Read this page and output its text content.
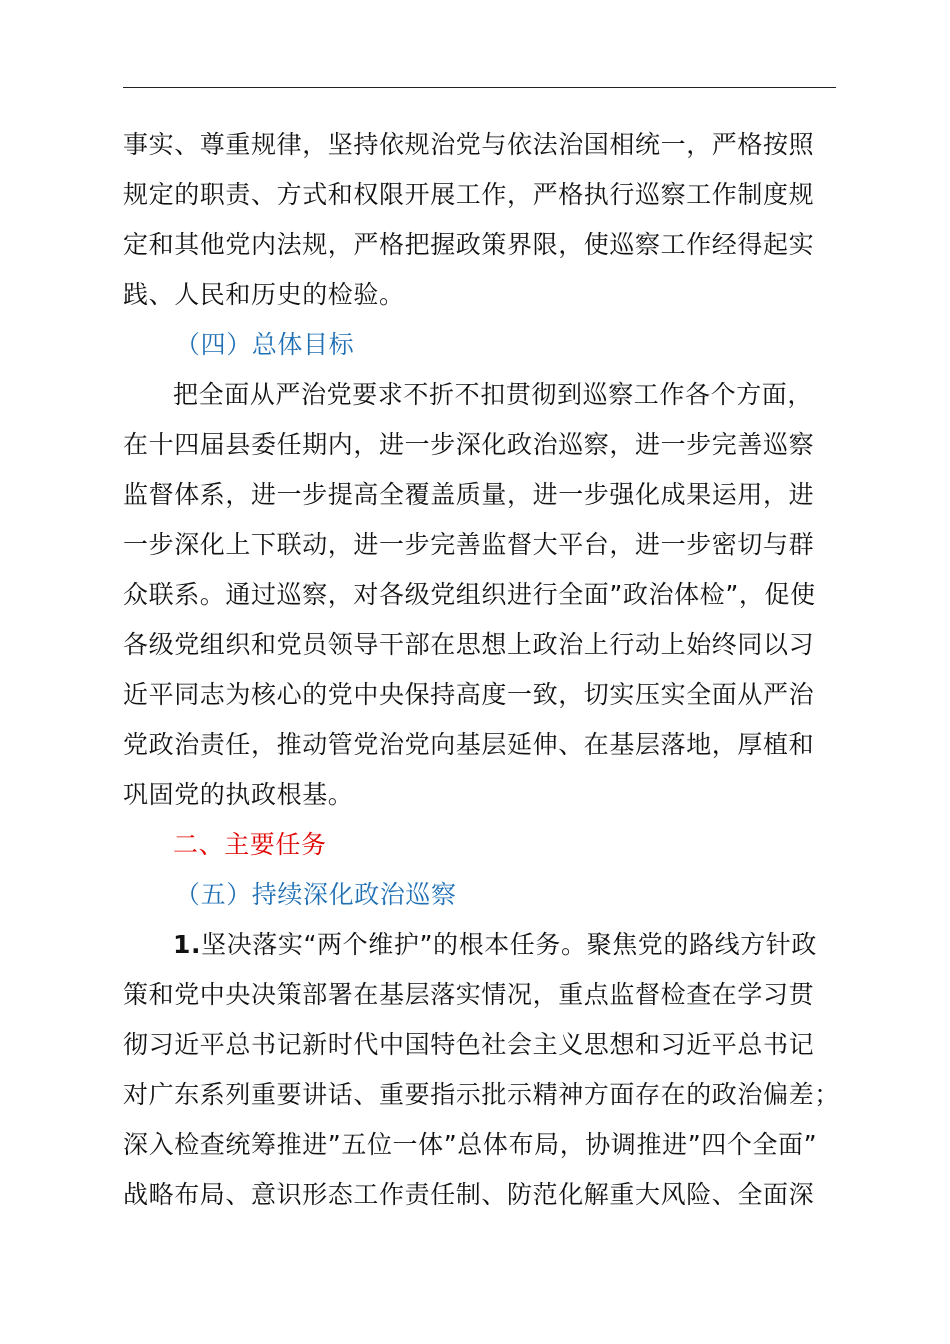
事实、尊重规律，坚持依规治党与依法治国相统一，严格按照
规定的职责、方式和权限开展工作，严格执行巡察工作制度规
定和其他党内法规，严格把握政策界限，使巡察工作经得起实
践、人民和历史的检验。
（四）总体目标
把全面从严治党要求不折不扣贯彻到巡察工作各个方面，
在十四届县委任期内，进一步深化政治巡察，进一步完善巡察
监督体系，进一步提高全覆盖质量，进一步强化成果运用，进
一步深化上下联动，进一步完善监督大平台，进一步密切与群
众联系。通过巡察，对各级党组织进行全面”政治体检”，促使
各级党组织和党员领导干部在思想上政治上行动上始终同以习
近平同志为核心的党中央保持高度一致，切实压实全面从严治
党政治责任，推动管党治党向基层延伸、在基层落地，厚植和
巩固党的执政根基。
二、主要任务
（五）持续深化政治巡察
1.坚决落实“两个维护”的根本任务。聚焦党的路线方针政
策和党中央决策部署在基层落实情况，重点监督检查在学习贯
彻习近平总书记新时代中国特色社会主义思想和习近平总书记
对广东系列重要讲话、重要指示批示精神方面存在的政治偏差；
深入检查统筹推进”五位一体”总体布局，协调推进”四个全面”
战略布局、意识形态工作责任制、防范化解重大风险、全面深
